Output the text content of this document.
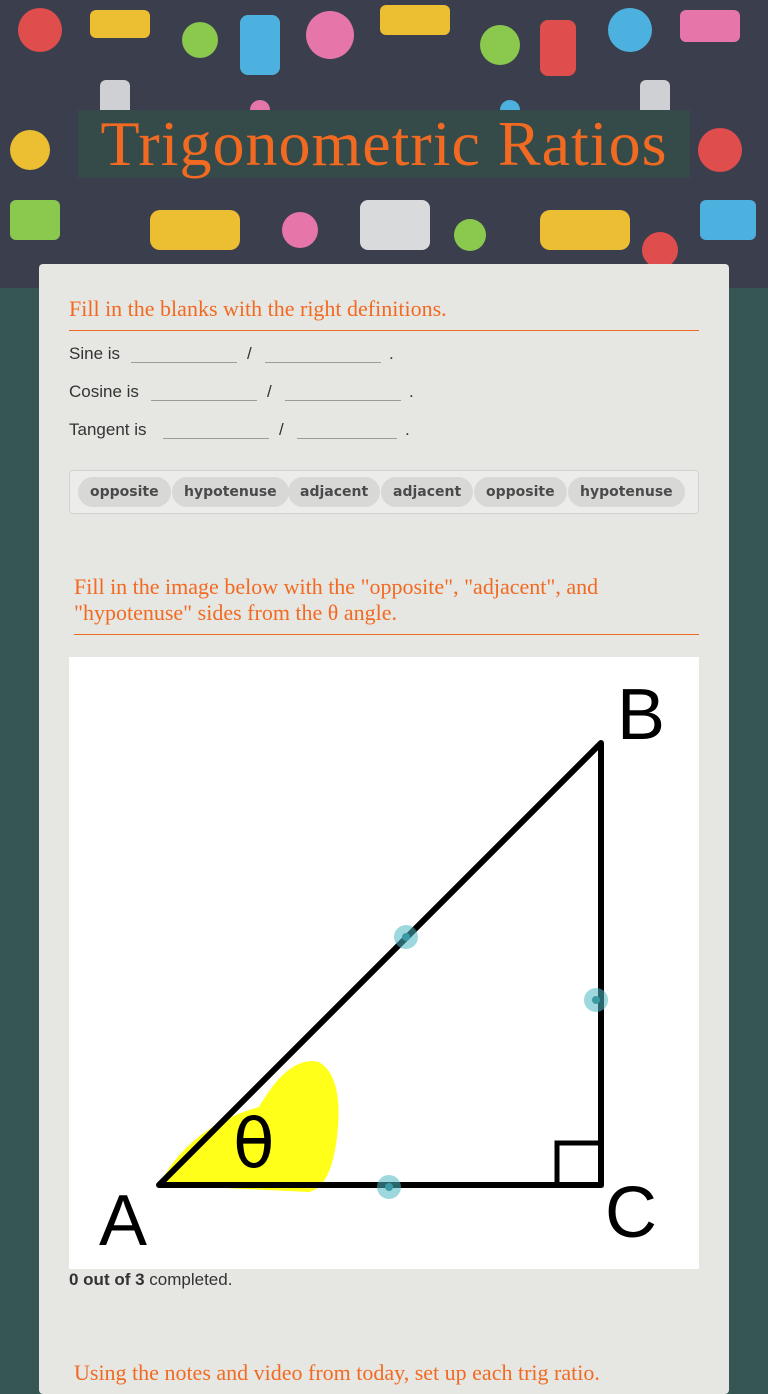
Trigonometric Ratios
Fill in the blanks with the right definitions.
Sine is	/	.
Cosine is	/	.
Tangent is	/	.
opposite	hypotenuse	adjacent	adjacent	opposite	hypotenuse
Fill in the image below with the "opposite", "adjacent", and
"hypotenuse" sides from the θ angle.
A
B
C
θ
0 out of 3 completed.
Using the notes and video from today, set up each trig ratio.
